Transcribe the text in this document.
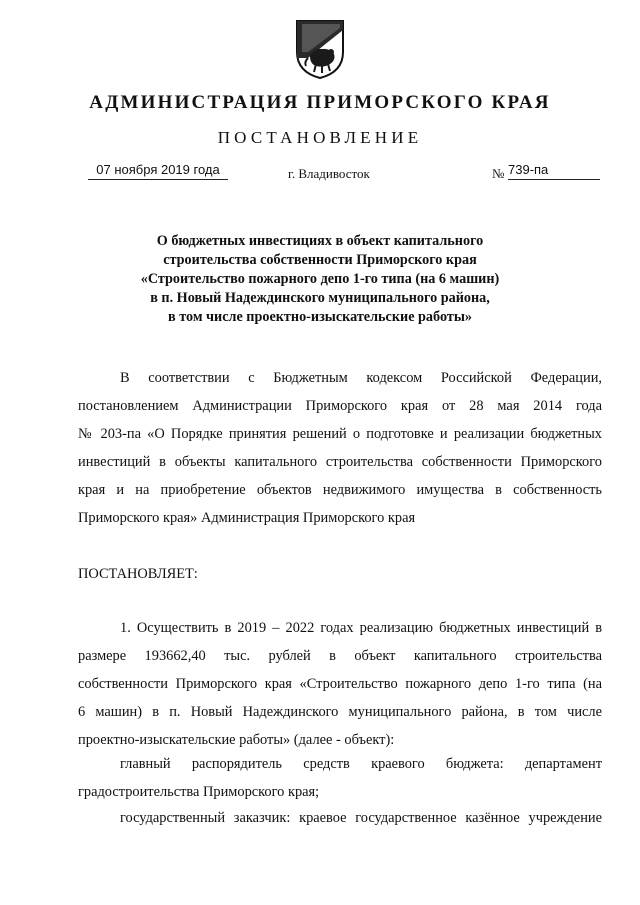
АДМИНИСТРАЦИЯ ПРИМОРСКОГО КРАЯ
ПОСТАНОВЛЕНИЕ
07 ноября 2019 года	г. Владивосток	№ 739-па
О бюджетных инвестициях в объект капитального
строительства собственности Приморского края
«Строительство пожарного депо 1-го типа (на 6 машин)
в п. Новый Надеждинского муниципального района,
в том числе проектно-изыскательские работы»
В соответствии с Бюджетным кодексом Российской Федерации,
постановлением Администрации Приморского края от 28 мая 2014 года
№ 203-па «О Порядке принятия решений о подготовке и реализации бюджетных
инвестиций в объекты капитального строительства собственности Приморского
края и на приобретение объектов недвижимого имущества в собственность
Приморского края» Администрация Приморского края
ПОСТАНОВЛЯЕТ:
1. Осуществить в 2019 – 2022 годах реализацию бюджетных инвестиций в
размере 193662,40 тыс. рублей в объект капитального строительства
собственности Приморского края «Строительство пожарного депо 1-го типа (на
6 машин) в п. Новый Надеждинского муниципального района, в том числе
проектно-изыскательские работы» (далее - объект):
главный распорядитель средств краевого бюджета: департамент
градостроительства Приморского края;
государственный заказчик: краевое государственное казённое учреждение
